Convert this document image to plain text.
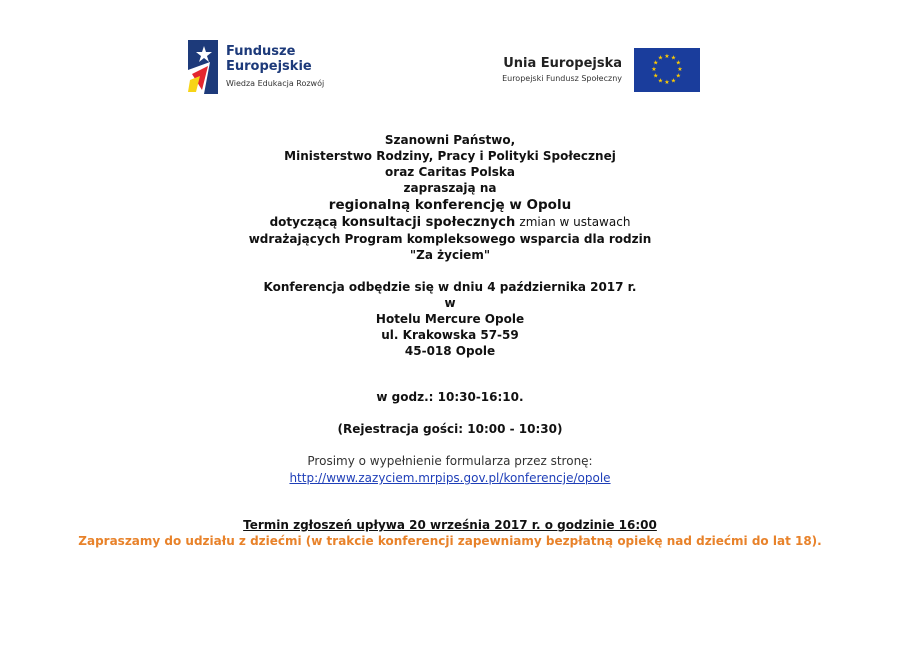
Fundusze
Europejskie
Wiedza Edukacja Rozwój
Unia Europejska
Europejski Fundusz Społeczny
★ ★
★
★
★
★
★
★
★
★
★
★
Szanowni Państwo,
Ministerstwo Rodziny, Pracy i Polityki Społecznej
oraz Caritas Polska
zapraszają na
regionalną konferencję w Opolu
dotyczącą konsultacji społecznych zmian w ustawach
wdrażających Program kompleksowego wsparcia dla rodzin
"Za życiem"
Konferencja odbędzie się w dniu 4 października 2017 r.
w
Hotelu Mercure Opole
ul. Krakowska 57-59
45-018 Opole
w godz.: 10:30-16:10.
(Rejestracja gości: 10:00 - 10:30)
Prosimy o wypełnienie formularza przez stronę:
http://www.zazyciem.mrpips.gov.pl/konferencje/opole
Termin zgłoszeń upływa 20 września 2017 r. o godzinie 16:00
Zapraszamy do udziału z dziećmi (w trakcie konferencji zapewniamy bezpłatną opiekę nad dziećmi do lat 18).
